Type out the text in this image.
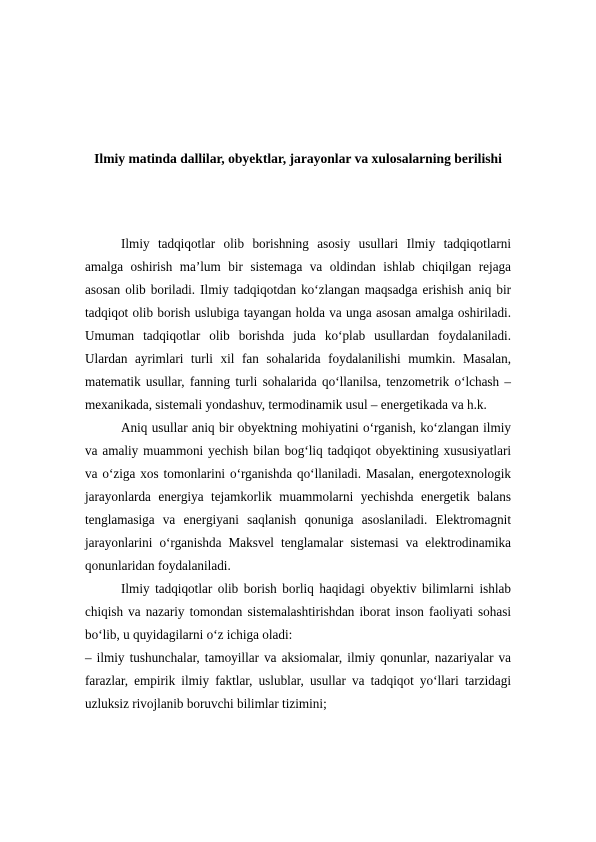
Ilmiy matinda dallilar, obyektlar, jarayonlar va xulosalarning berilishi

Ilmiy tadqiqotlar olib borishning asosiy usullari Ilmiy tadqiqotlarni amalga oshirish ma’lum bir sistemaga va oldindan ishlab chiqilgan rejaga asosan olib boriladi. Ilmiy tadqiqotdan ko‘zlangan maqsadga erishish aniq bir tadqiqot olib borish uslubiga tayangan holda va unga asosan amalga oshiriladi. Umuman tadqiqotlar olib borishda juda ko‘plab usullardan foydalaniladi. Ulardan ayrimlari turli xil fan sohalarida foydalanilishi mumkin. Masalan, matematik usullar, fanning turli sohalarida qo‘llanilsa, tenzometrik o‘lchash – mexanikada, sistemali yondashuv, termodinamik usul – energetikada va h.k.

Aniq usullar aniq bir obyektning mohiyatini o‘rganish, ko‘zlangan ilmiy va amaliy muammoni yechish bilan bog‘liq tadqiqot obyektining xususiyatlari va o‘ziga xos tomonlarini o‘rganishda qo‘llaniladi. Masalan, energotexnologik jarayonlarda energiya tejamkorlik muammolarni yechishda energetik balans tenglamasiga va energiyani saqlanish qonuniga asoslaniladi. Elektromagnit jarayonlarini o‘rganishda Maksvel tenglamalar sistemasi va elektrodinamika qonunlaridan foydalaniladi.

Ilmiy tadqiqotlar olib borish borliq haqidagi obyektiv bilimlarni ishlab chiqish va nazariy tomondan sistemalashtirishdan iborat inson faoliyati sohasi bo‘lib, u quyidagilarni o‘z ichiga oladi:

– ilmiy tushunchalar, tamoyillar va aksiomalar, ilmiy qonunlar, nazariyalar va farazlar, empirik ilmiy faktlar, uslublar, usullar va tadqiqot yo‘llari tarzidagi uzluksiz rivojlanib boruvchi bilimlar tizimini;
